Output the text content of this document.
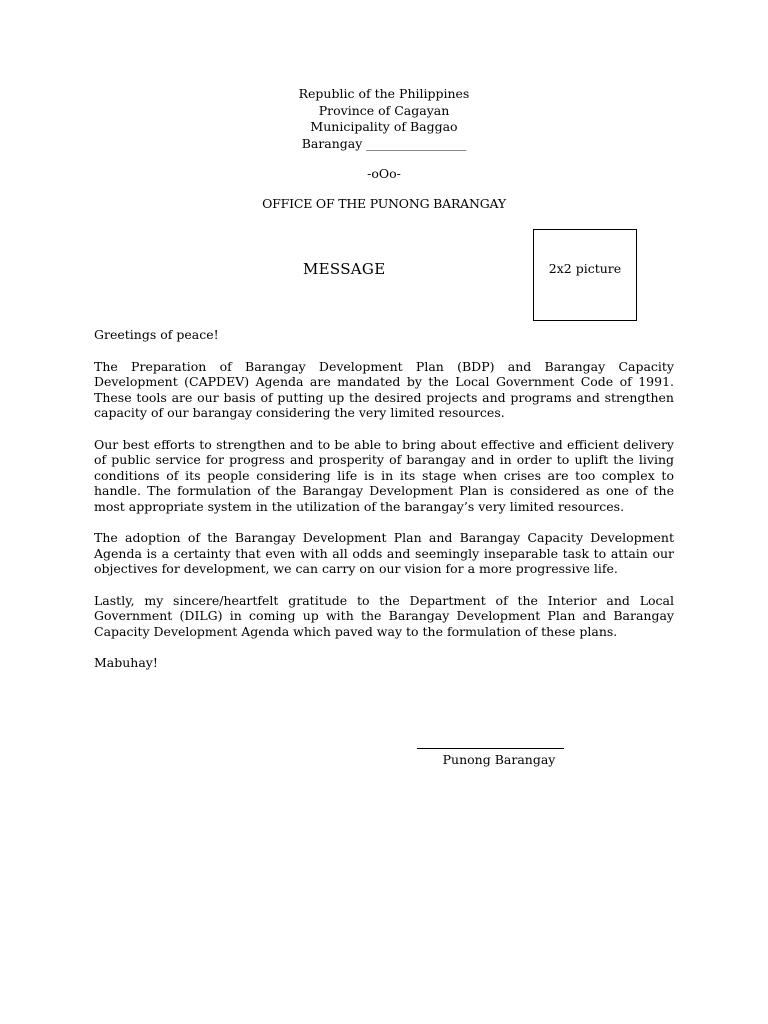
Republic of the Philippines
Province of Cagayan
Municipality of Baggao
Barangay ________________
-oOo-
OFFICE OF THE PUNONG BARANGAY
MESSAGE	2x2 picture

Greetings of peace!

The Preparation of Barangay Development Plan (BDP) and Barangay Capacity Development (CAPDEV) Agenda are mandated by the Local Government Code of 1991. These tools are our basis of putting up the desired projects and programs and strengthen capacity of our barangay considering the very limited resources.

Our best efforts to strengthen and to be able to bring about effective and efficient delivery of public service for progress and prosperity of barangay and in order to uplift the living conditions of its people considering life is in its stage when crises are too complex to handle. The formulation of the Barangay Development Plan is considered as one of the most appropriate system in the utilization of the barangay’s very limited resources.

The adoption of the Barangay Development Plan and Barangay Capacity Development Agenda is a certainty that even with all odds and seemingly inseparable task to attain our objectives for development, we can carry on our vision for a more progressive life.

Lastly, my sincere/heartfelt gratitude to the Department of the Interior and Local Government (DILG) in coming up with the Barangay Development Plan and Barangay Capacity Development Agenda which paved way to the formulation of these plans.

Mabuhay!

Punong Barangay
